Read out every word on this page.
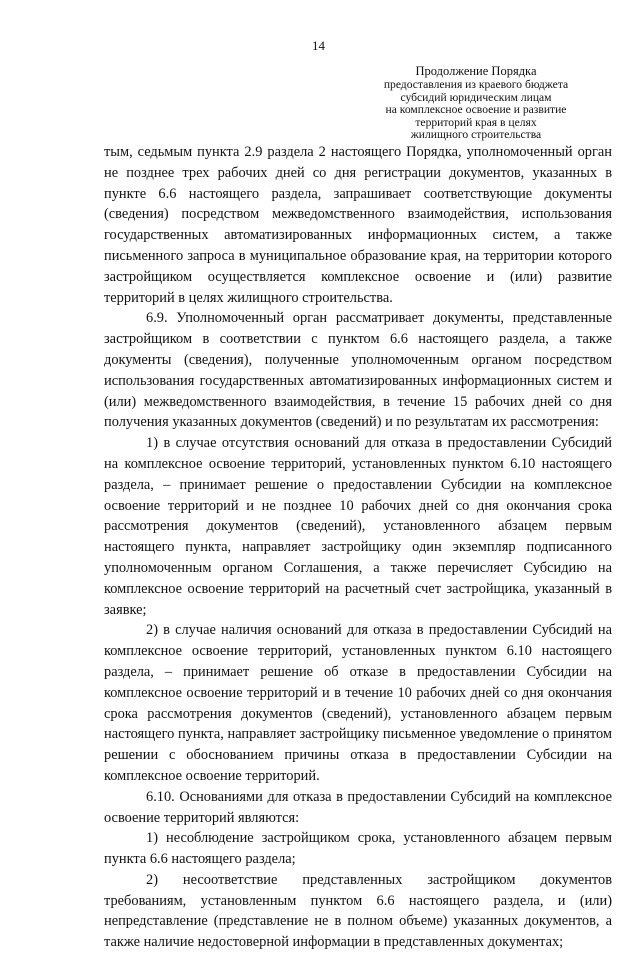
14
Продолжение Порядка
предоставления из краевого бюджета
субсидий юридическим лицам
на комплексное освоение и развитие
территорий края в целях
жилищного строительства

тым, седьмым пункта 2.9 раздела 2 настоящего Порядка, уполномоченный орган не позднее трех рабочих дней со дня регистрации документов, указанных в пункте 6.6 настоящего раздела, запрашивает соответствующие документы (сведения) посредством межведомственного взаимодействия, использования государственных автоматизированных информационных систем, а также письменного запроса в муниципальное образование края, на территории которого застройщиком осуществляется комплексное освоение и (или) развитие территорий в целях жилищного строительства.

6.9. Уполномоченный орган рассматривает документы, представленные застройщиком в соответствии с пунктом 6.6 настоящего раздела, а также документы (сведения), полученные уполномоченным органом посредством использования государственных автоматизированных информационных систем и (или) межведомственного взаимодействия, в течение 15 рабочих дней со дня получения указанных документов (сведений) и по результатам их рассмотрения:

1) в случае отсутствия оснований для отказа в предоставлении Субсидий на комплексное освоение территорий, установленных пунктом 6.10 настоящего раздела, – принимает решение о предоставлении Субсидии на комплексное освоение территорий и не позднее 10 рабочих дней со дня окончания срока рассмотрения документов (сведений), установленного абзацем первым настоящего пункта, направляет застройщику один экземпляр подписанного уполномоченным органом Соглашения, а также перечисляет Субсидию на комплексное освоение территорий на расчетный счет застройщика, указанный в заявке;

2) в случае наличия оснований для отказа в предоставлении Субсидий на комплексное освоение территорий, установленных пунктом 6.10 настоящего раздела, – принимает решение об отказе в предоставлении Субсидии на комплексное освоение территорий и в течение 10 рабочих дней со дня окончания срока рассмотрения документов (сведений), установленного абзацем первым настоящего пункта, направляет застройщику письменное уведомление о принятом решении с обоснованием причины отказа в предоставлении Субсидии на комплексное освоение территорий.

6.10. Основаниями для отказа в предоставлении Субсидий на комплексное освоение территорий являются:

1) несоблюдение застройщиком срока, установленного абзацем первым пункта 6.6 настоящего раздела;

2) несоответствие представленных застройщиком документов требованиям, установленным пунктом 6.6 настоящего раздела, и (или) непредставление (представление не в полном объеме) указанных документов, а также наличие недостоверной информации в представленных документах;
